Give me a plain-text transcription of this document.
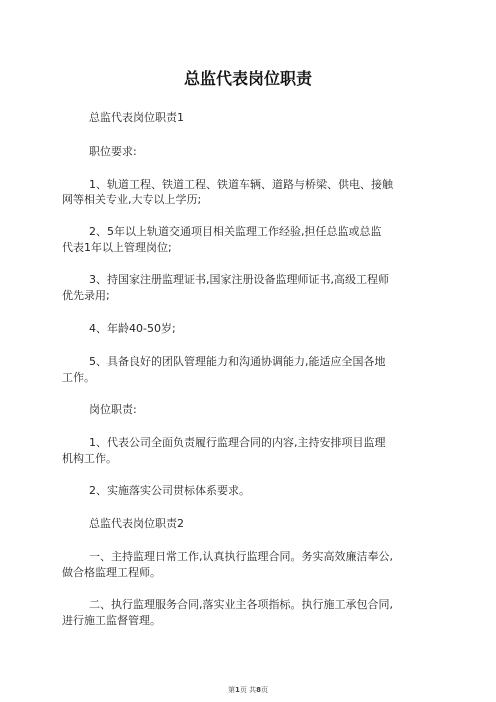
总监代表岗位职责
总监代表岗位职责1
职位要求:
1、轨道工程、铁道工程、铁道车辆、道路与桥梁、供电、接触
网等相关专业,大专以上学历;
2、5年以上轨道交通项目相关监理工作经验,担任总监或总监
代表1年以上管理岗位;
3、持国家注册监理证书,国家注册设备监理师证书,高级工程师
优先录用;
4、年龄40-50岁;
5、具备良好的团队管理能力和沟通协调能力,能适应全国各地
工作。
岗位职责:
1、代表公司全面负责履行监理合同的内容,主持安排项目监理
机构工作。
2、实施落实公司贯标体系要求。
总监代表岗位职责2
一、主持监理日常工作,认真执行监理合同。务实高效廉洁奉公,
做合格监理工程师。
二、执行监理服务合同,落实业主各项指标。执行施工承包合同,
进行施工监督管理。
第1页 共8页
